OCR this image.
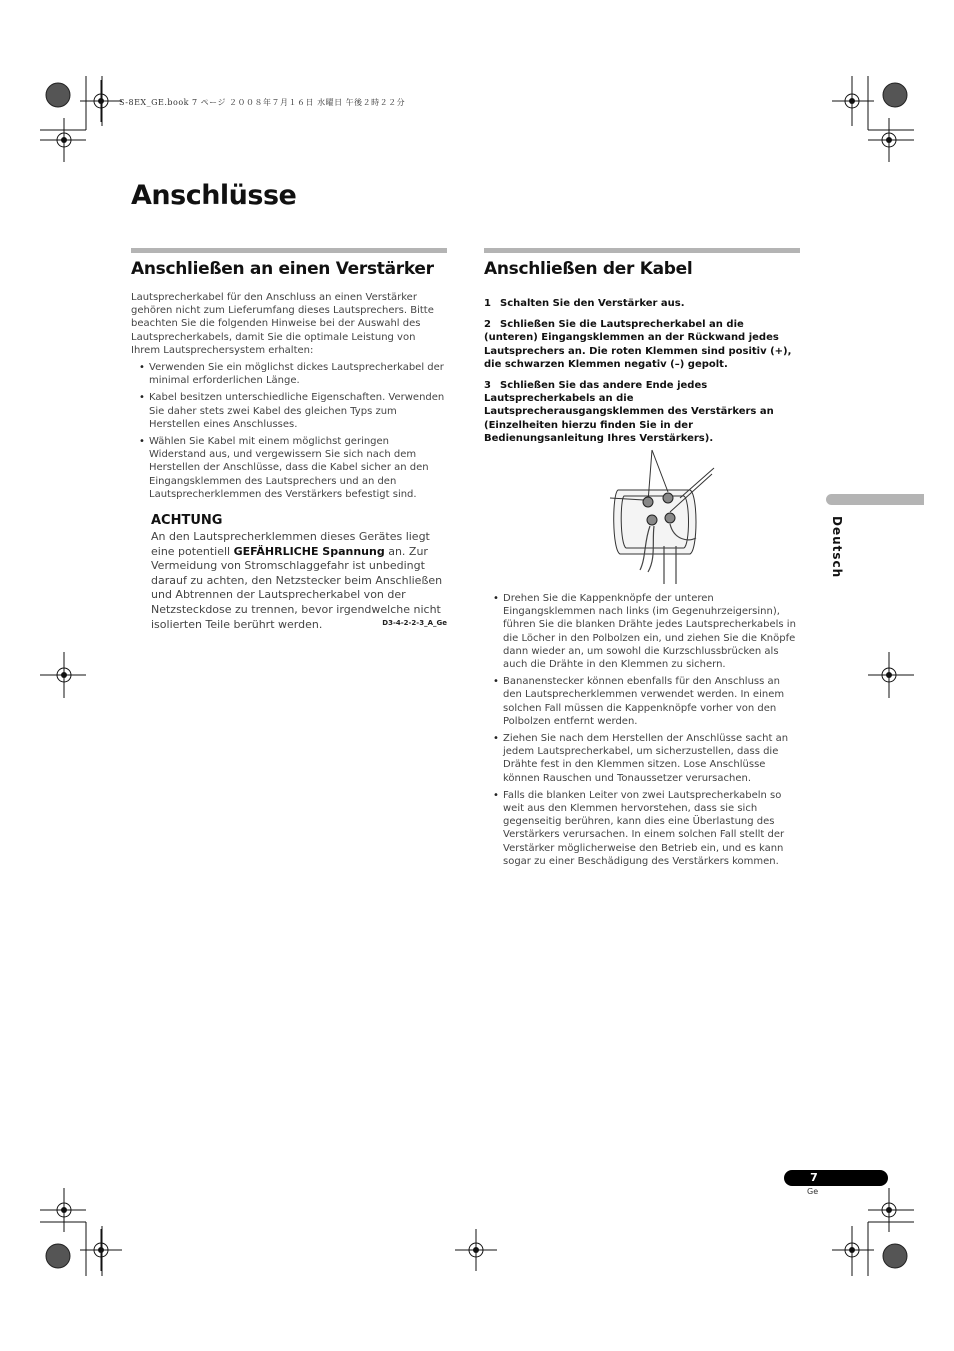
S-8EX_GE.book 7 ページ ２００８年７月１６日 水曜日 午後２時２２分
Anschlüsse
Anschließen an einen Verstärker

Lautsprecherkabel für den Anschluss an einen Verstärker gehören nicht zum Lieferumfang dieses Lautsprechers. Bitte beachten Sie die folgenden Hinweise bei der Auswahl des Lautsprecherkabels, damit Sie die optimale Leistung von Ihrem Lautsprechersystem erhalten:

• Verwenden Sie ein möglichst dickes Lautsprecherkabel der minimal erforderlichen Länge.
• Kabel besitzen unterschiedliche Eigenschaften. Verwenden Sie daher stets zwei Kabel des gleichen Typs zum Herstellen eines Anschlusses.
• Wählen Sie Kabel mit einem möglichst geringen Widerstand aus, und vergewissern Sie sich nach dem Herstellen der Anschlüsse, dass die Kabel sicher an den Eingangsklemmen des Lautsprechers und an den Lautsprecherklemmen des Verstärkers befestigt sind.
ACHTUNG
An den Lautsprecherklemmen dieses Gerätes liegt eine potentiell GEFÄHRLICHE Spannung an. Zur Vermeidung von Stromschlaggefahr ist unbedingt darauf zu achten, den Netzstecker beim Anschließen und Abtrennen der Lautsprecherkabel von der Netzsteckdose zu trennen, bevor irgendwelche nicht isolierten Teile berührt werden.	D3-4-2-2-3_A_Ge
Anschließen der Kabel

1 Schalten Sie den Verstärker aus.

2 Schließen Sie die Lautsprecherkabel an die (unteren) Eingangsklemmen an der Rückwand jedes Lautsprechers an. Die roten Klemmen sind positiv (+), die schwarzen Klemmen negativ (–) gepolt.

3 Schließen Sie das andere Ende jedes Lautsprecherkabels an die Lautsprecherausgangsklemmen des Verstärkers an (Einzelheiten hierzu finden Sie in der Bedienungsanleitung Ihres Verstärkers).

• Drehen Sie die Kappenknöpfe der unteren Eingangsklemmen nach links (im Gegenuhrzeigersinn), führen Sie die blanken Drähte jedes Lautsprecherkabels in die Löcher in den Polbolzen ein, und ziehen Sie die Knöpfe dann wieder an, um sowohl die Kurzschlussbrücken als auch die Drähte in den Klemmen zu sichern.
• Bananenstecker können ebenfalls für den Anschluss an den Lautsprecherklemmen verwendet werden. In einem solchen Fall müssen die Kappenknöpfe vorher von den Polbolzen entfernt werden.
• Ziehen Sie nach dem Herstellen der Anschlüsse sacht an jedem Lautsprecherkabel, um sicherzustellen, dass die Drähte fest in den Klemmen sitzen. Lose Anschlüsse können Rauschen und Tonaussetzer verursachen.
• Falls die blanken Leiter von zwei Lautsprecherkabeln so weit aus den Klemmen hervorstehen, dass sie sich gegenseitig berühren, kann dies eine Überlastung des Verstärkers verursachen. In einem solchen Fall stellt der Verstärker möglicherweise den Betrieb ein, und es kann sogar zu einer Beschädigung des Verstärkers kommen.
Deutsch
7
Ge
